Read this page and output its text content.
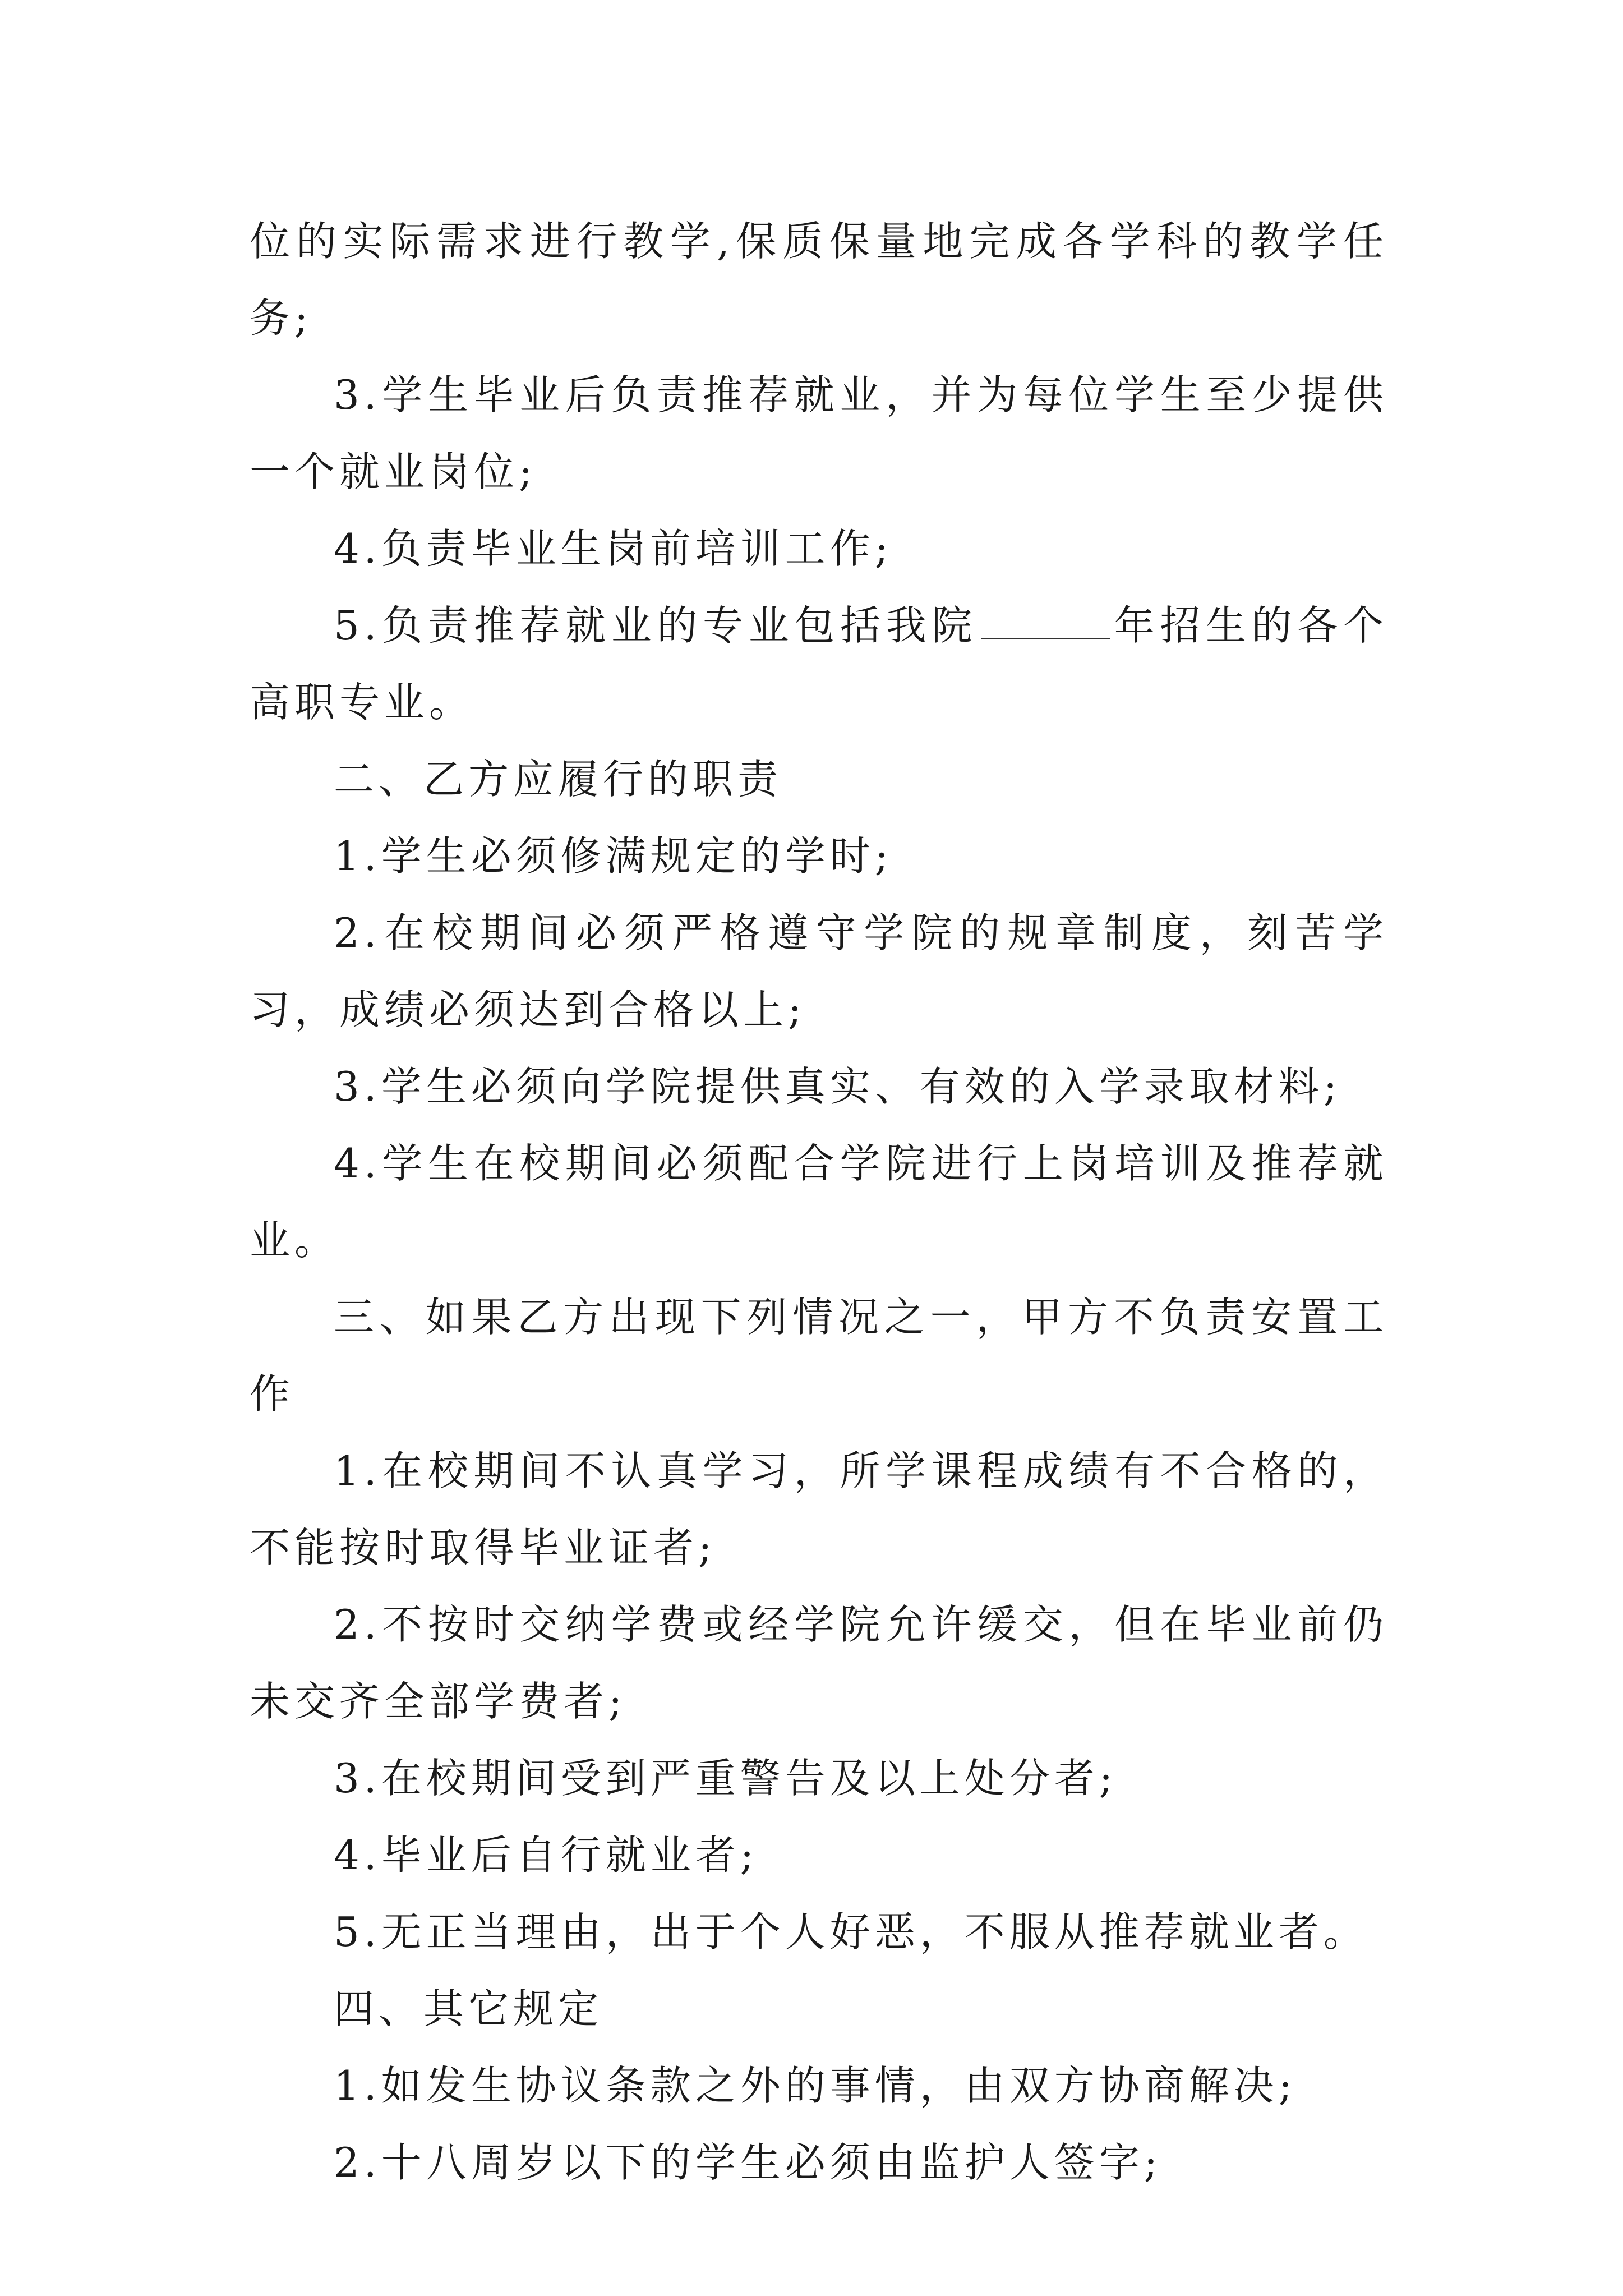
位的实际需求进行教学,保质保量地完成各学科的教学任务;

3.学生毕业后负责推荐就业，并为每位学生至少提供一个就业岗位;

4.负责毕业生岗前培训工作;

5.负责推荐就业的专业包括我院	年招生的各个高职专业。

二、乙方应履行的职责

1.学生必须修满规定的学时;

2.在校期间必须严格遵守学院的规章制度，刻苦学习，成绩必须达到合格以上;

3.学生必须向学院提供真实、有效的入学录取材料;

4.学生在校期间必须配合学院进行上岗培训及推荐就业。

三、如果乙方出现下列情况之一，甲方不负责安置工作

1.在校期间不认真学习，所学课程成绩有不合格的，不能按时取得毕业证者;

2.不按时交纳学费或经学院允许缓交，但在毕业前仍未交齐全部学费者;

3.在校期间受到严重警告及以上处分者;

4.毕业后自行就业者;

5.无正当理由，出于个人好恶，不服从推荐就业者。

四、其它规定

1.如发生协议条款之外的事情，由双方协商解决;

2.十八周岁以下的学生必须由监护人签字;
